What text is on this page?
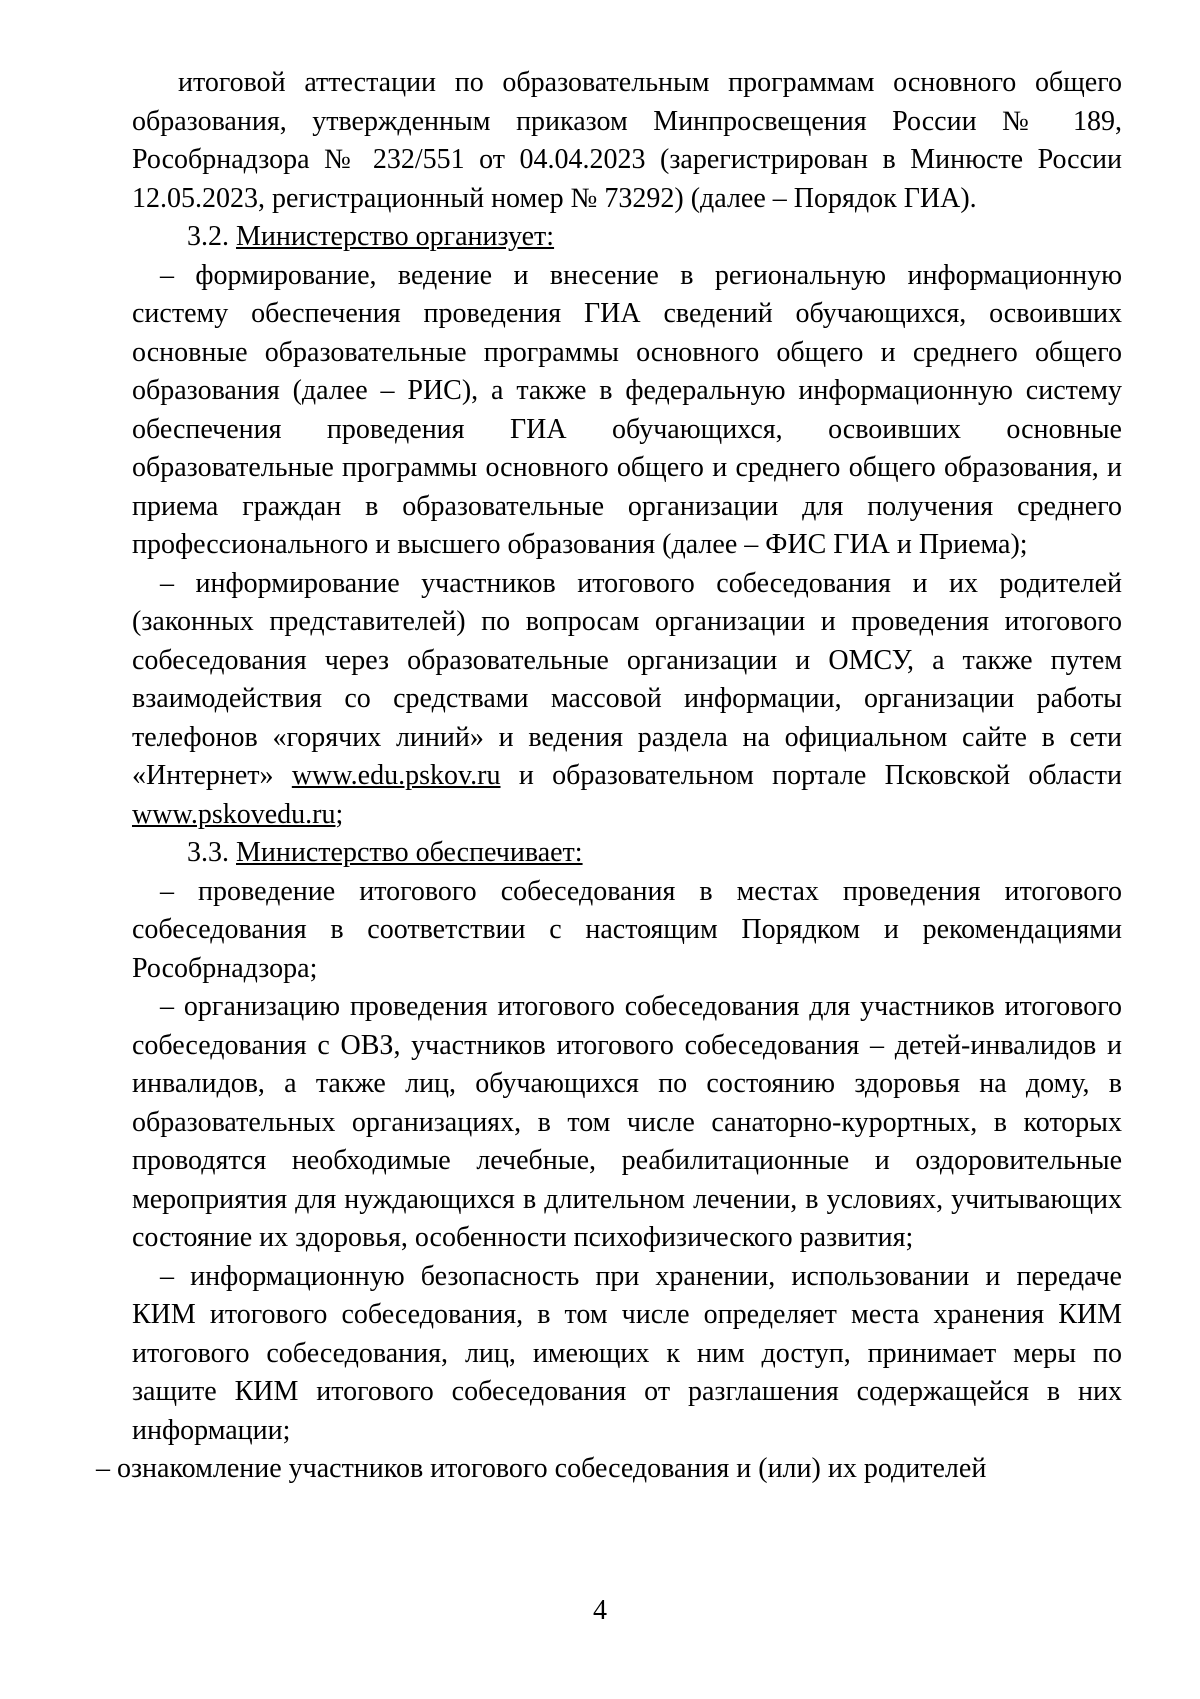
итоговой аттестации по образовательным программам основного общего образования, утвержденным приказом Минпросвещения России № 189, Рособрнадзора № 232/551 от 04.04.2023 (зарегистрирован в Минюсте России 12.05.2023, регистрационный номер № 73292) (далее – Порядок ГИА).

3.2. Министерство организует:

– формирование, ведение и внесение в региональную информационную систему обеспечения проведения ГИА сведений обучающихся, освоивших основные образовательные программы основного общего и среднего общего образования (далее – РИС), а также в федеральную информационную систему обеспечения проведения ГИА обучающихся, освоивших основные образовательные программы основного общего и среднего общего образования, и приема граждан в образовательные организации для получения среднего профессионального и высшего образования (далее – ФИС ГИА и Приема);

– информирование участников итогового собеседования и их родителей (законных представителей) по вопросам организации и проведения итогового собеседования через образовательные организации и ОМСУ, а также путем взаимодействия со средствами массовой информации, организации работы телефонов «горячих линий» и ведения раздела на официальном сайте в сети «Интернет» www.edu.pskov.ru и образовательном портале Псковской области www.pskovedu.ru;

3.3. Министерство обеспечивает:

– проведение итогового собеседования в местах проведения итогового собеседования в соответствии с настоящим Порядком и рекомендациями Рособрнадзора;

– организацию проведения итогового собеседования для участников итогового собеседования с ОВЗ, участников итогового собеседования – детей-инвалидов и инвалидов, а также лиц, обучающихся по состоянию здоровья на дому, в образовательных организациях, в том числе санаторно-курортных, в которых проводятся необходимые лечебные, реабилитационные и оздоровительные мероприятия для нуждающихся в длительном лечении, в условиях, учитывающих состояние их здоровья, особенности психофизического развития;

– информационную безопасность при хранении, использовании и передаче КИМ итогового собеседования, в том числе определяет места хранения КИМ итогового собеседования, лиц, имеющих к ним доступ, принимает меры по защите КИМ итогового собеседования от разглашения содержащейся в них информации;

– ознакомление участников итогового собеседования и (или) их родителей

4
